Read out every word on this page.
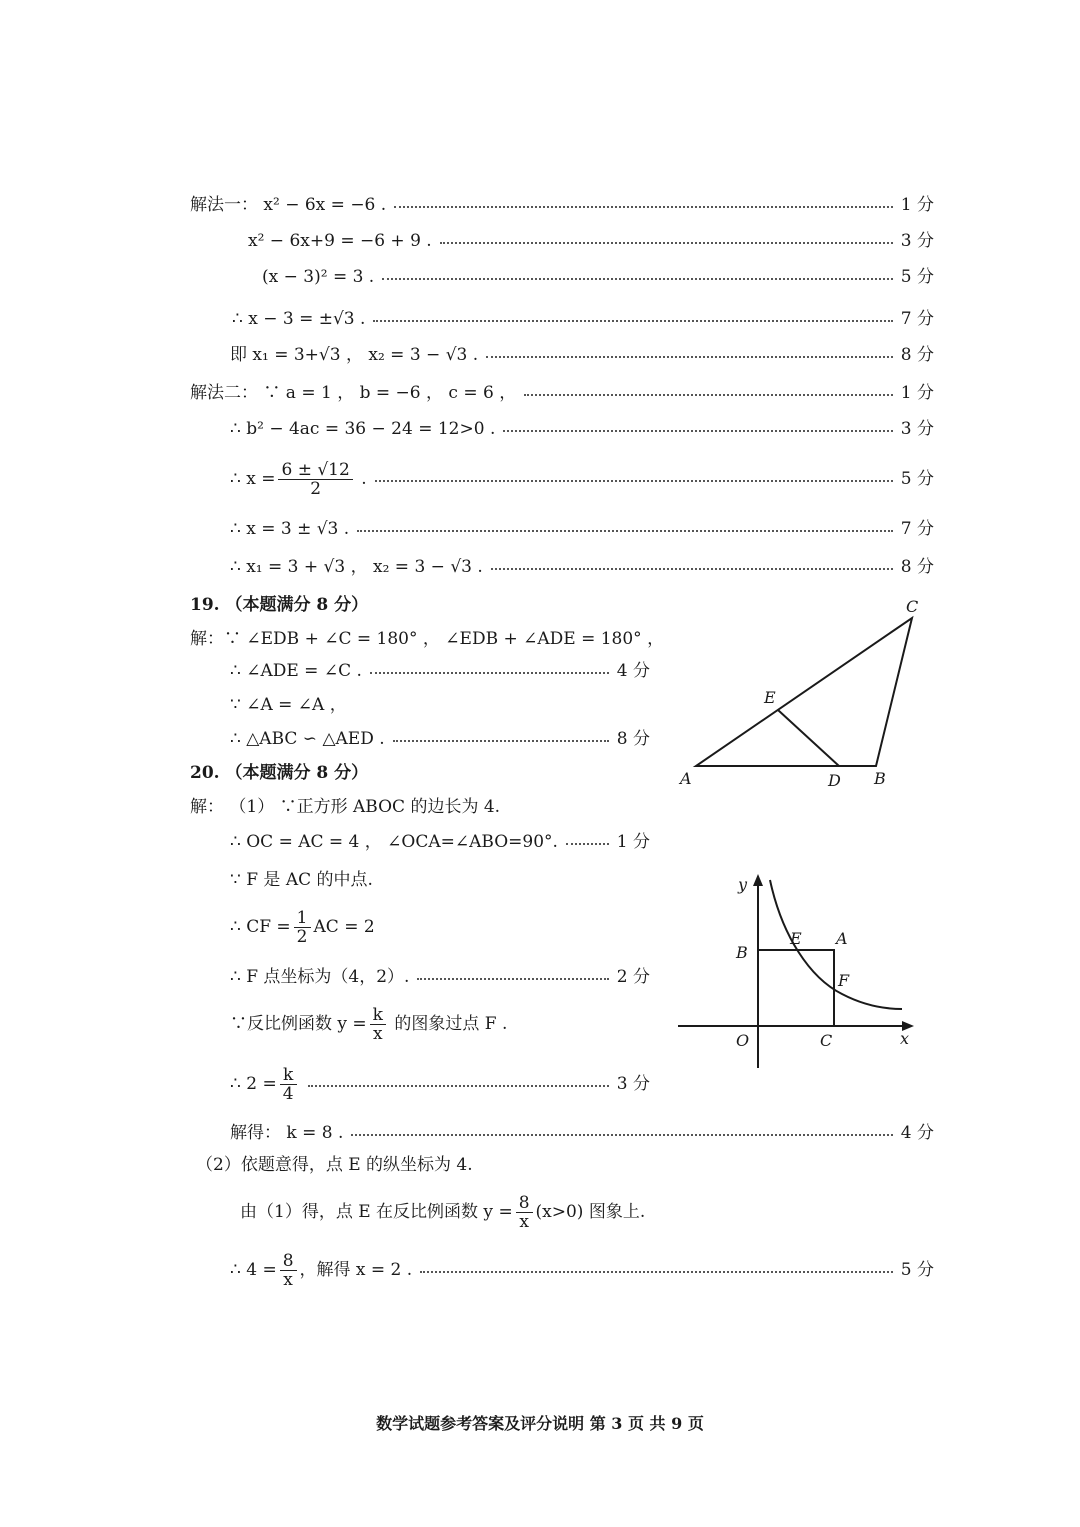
解法一： x² − 6x = −6 .	1 分
x² − 6x+9 = −6 + 9 .	3 分
(x − 3)² = 3 .	5 分
∴ x − 3 = ±√3 .	7 分
即 x₁ = 3+√3 ， x₂ = 3 − √3 .	8 分
解法二： ∵ a = 1 ， b = −6 ， c = 6 ，	1 分
∴ b² − 4ac = 36 − 24 = 12>0 .	3 分
∴ $x = \frac{6 \pm √12}{2}$ .	5 分
∴ x = 3 ± √3 .	7 分
∴ x₁ = 3 + √3 ， x₂ = 3 − √3 .	8 分
19. （本题满分 8 分）
解：∵ ∠EDB + ∠C = 180° ， ∠EDB + ∠ADE = 180° ，
∴ ∠ADE = ∠C .	4 分
∵ ∠A = ∠A ，
∴ △ABC ∽ △AED .	8 分
A	B
C
D
E
20. （本题满分 8 分）
解： （1） ∵正方形 ABOC 的边长为 4.
∴ OC = AC = 4 ， ∠OCA=∠ABO=90°.	1 分
∵ F 是 AC 的中点.
∴ CF = $\frac{1}{2}$ AC = 2
∴ F 点坐标为（4，2）.	2 分
∵反比例函数 $y = \frac{k}{x}$ 的图象过点 F .
∴ $2 = \frac{k}{4}$	3 分
解得： k = 8 .	4 分
（2）依题意得，点 E 的纵坐标为 4.
由（1）得，点 E 在反比例函数 $y = \frac{8}{x} (x>0)$ 图象上.
∴ $4 = \frac{8}{x}$ ，解得 x = 2 .	5 分
y
x
O
B
E A
F
C
数学试题参考答案及评分说明 第 3 页 共 9 页
